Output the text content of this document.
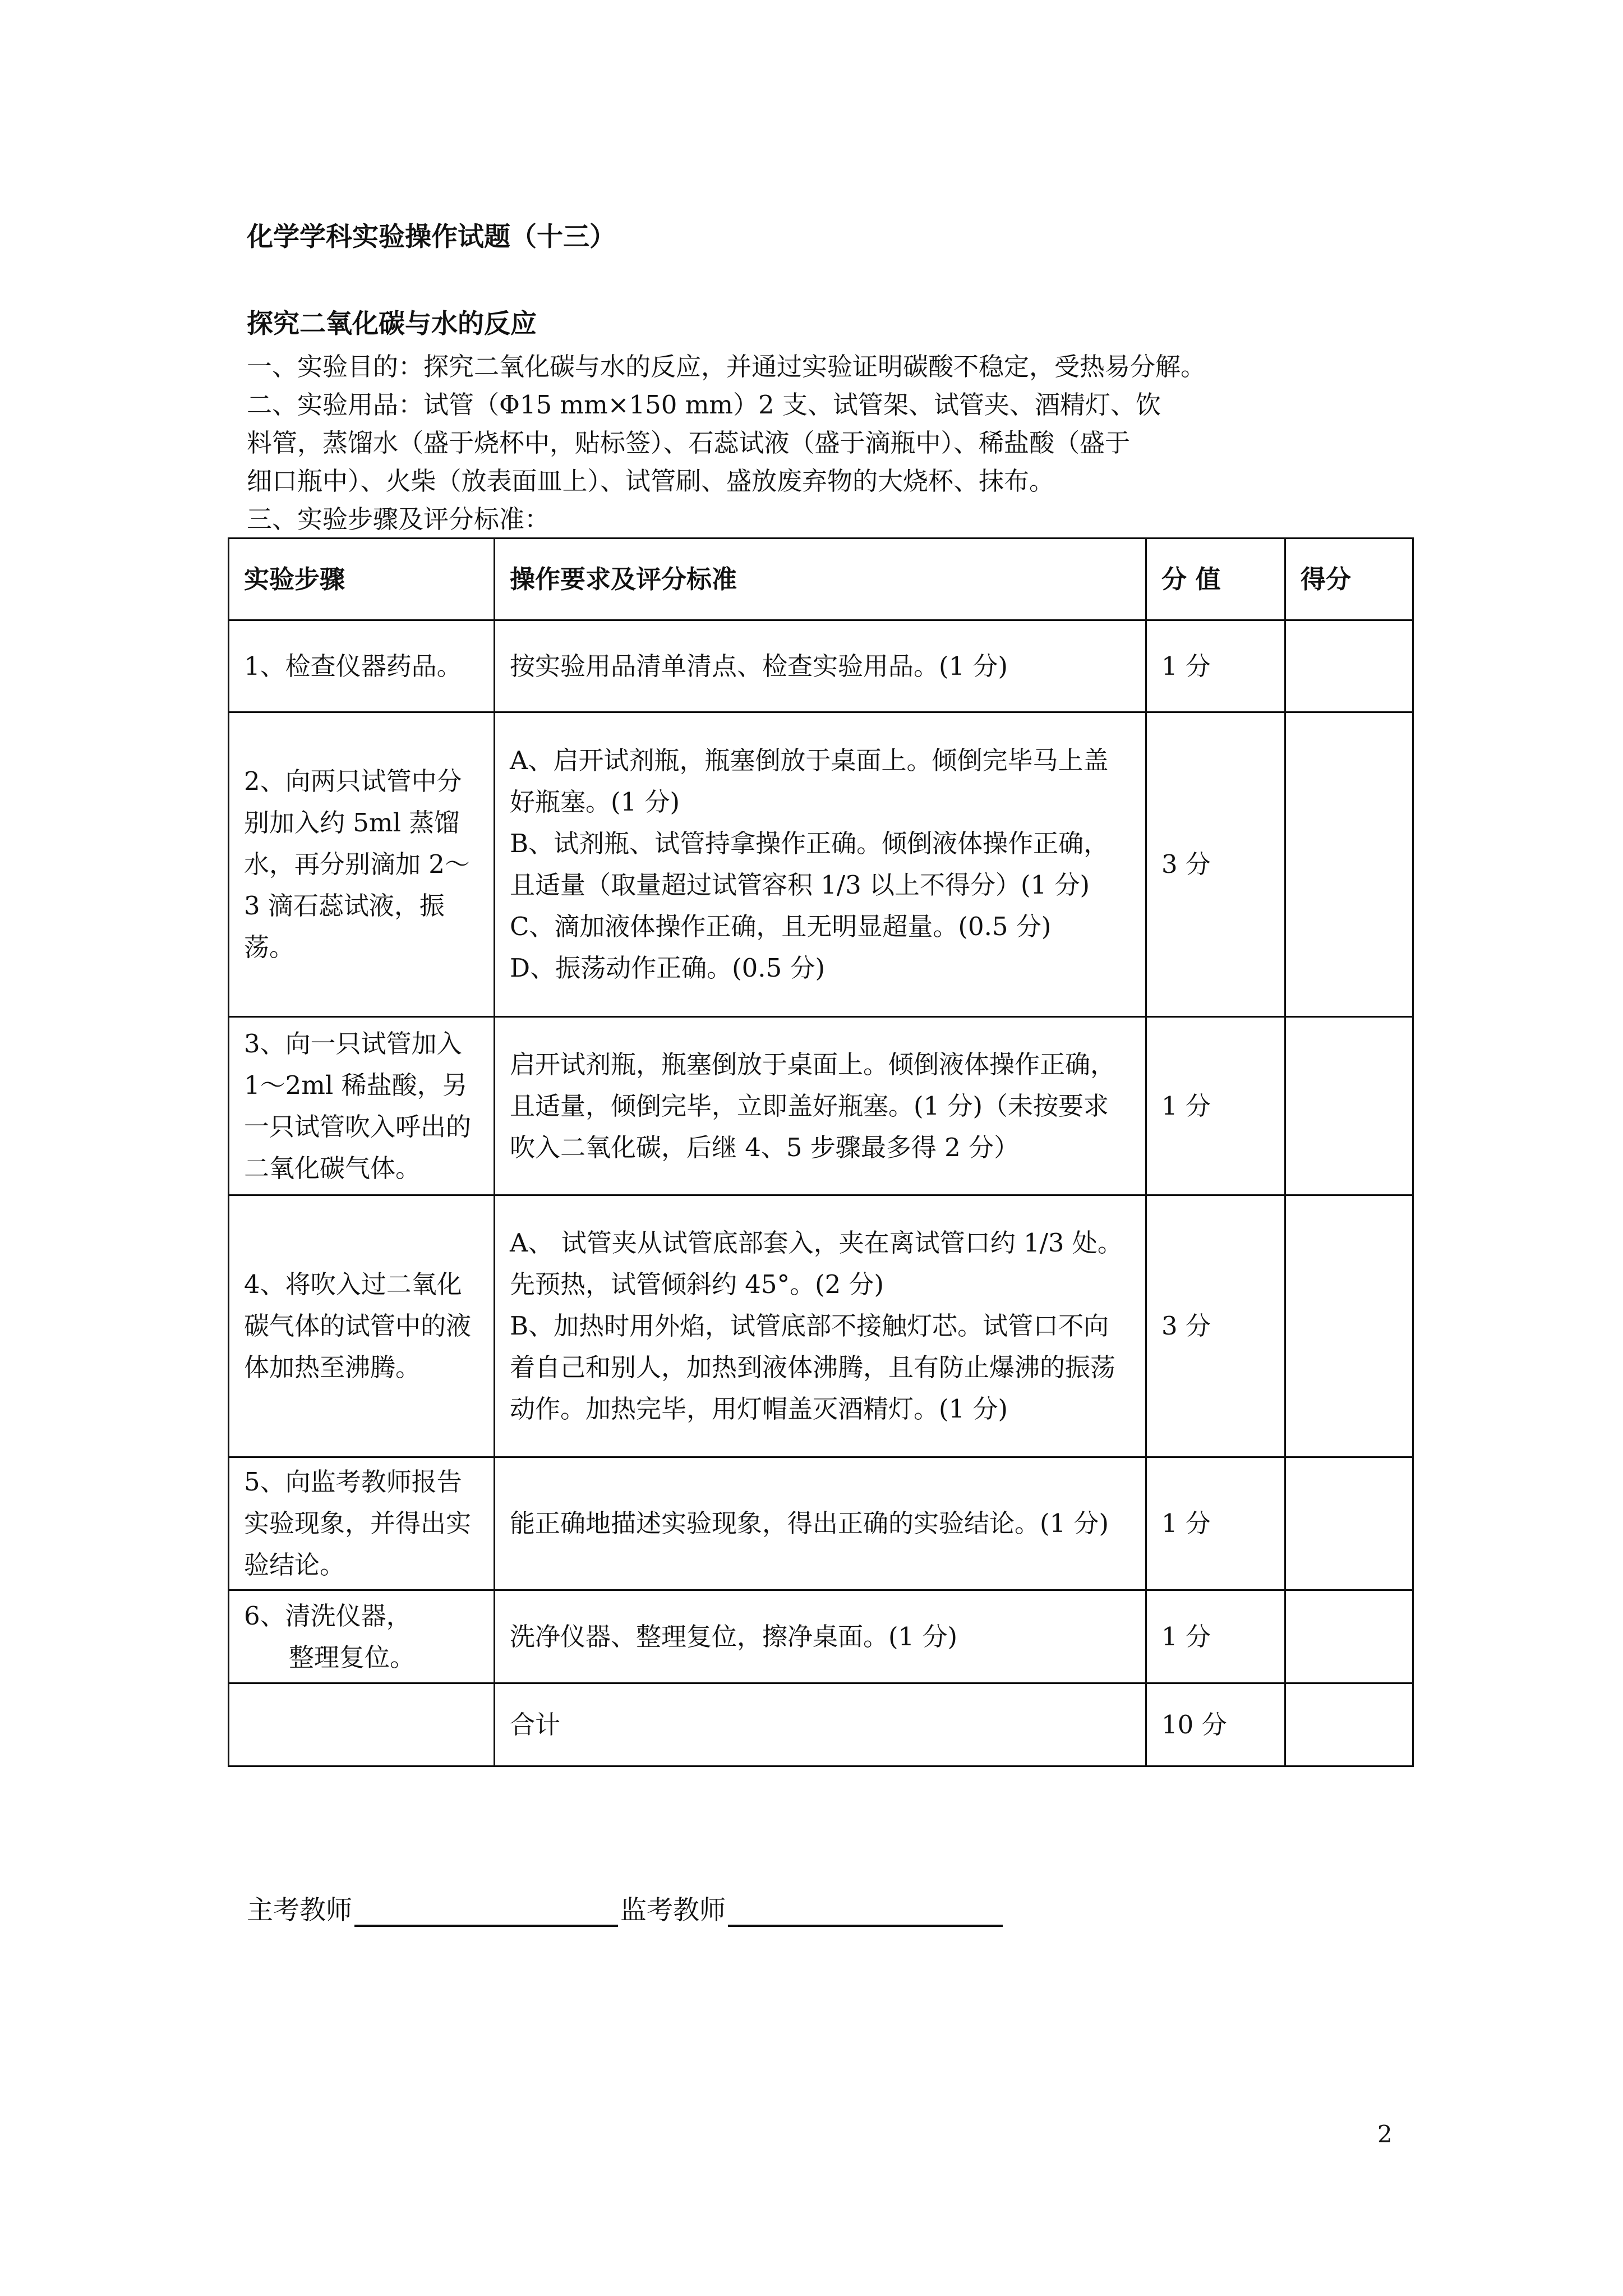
化学学科实验操作试题（十三）
探究二氧化碳与水的反应
一、实验目的：探究二氧化碳与水的反应，并通过实验证明碳酸不稳定，受热易分解。
二、实验用品：试管（Φ15 mm×150 mm）2 支、试管架、试管夹、酒精灯、饮
料管，蒸馏水（盛于烧杯中，贴标签）、石蕊试液（盛于滴瓶中）、稀盐酸（盛于
细口瓶中）、火柴（放表面皿上）、试管刷、盛放废弃物的大烧杯、抹布。
三、实验步骤及评分标准：
实验步骤	操作要求及评分标准	分 值	得分
1、检查仪器药品。	按实验用品清单清点、检查实验用品。(1 分)	1 分	
2、向两只试管中分别加入约 5ml 蒸馏水，再分别滴加 2～3 滴石蕊试液，振荡。	A、启开试剂瓶，瓶塞倒放于桌面上。倾倒完毕马上盖好瓶塞。(1 分)
B、试剂瓶、试管持拿操作正确。倾倒液体操作正确，且适量（取量超过试管容积 1/3 以上不得分）(1 分)
C、滴加液体操作正确，且无明显超量。(0.5 分)
D、振荡动作正确。(0.5 分)	3 分	
3、向一只试管加入 1～2ml 稀盐酸，另一只试管吹入呼出的二氧化碳气体。	启开试剂瓶，瓶塞倒放于桌面上。倾倒液体操作正确，且适量，倾倒完毕，立即盖好瓶塞。(1 分)（未按要求吹入二氧化碳，后继 4、5 步骤最多得 2 分）	1 分	
4、将吹入过二氧化碳气体的试管中的液体加热至沸腾。	A、 试管夹从试管底部套入，夹在离试管口约 1/3 处。先预热，试管倾斜约 45°。(2 分)
B、加热时用外焰，试管底部不接触灯芯。试管口不向着自己和别人，加热到液体沸腾，且有防止爆沸的振荡动作。加热完毕，用灯帽盖灭酒精灯。(1 分)	3 分	
5、向监考教师报告实验现象，并得出实验结论。	能正确地描述实验现象，得出正确的实验结论。(1 分)	1 分	
6、清洗仪器，
整理复位。	洗净仪器、整理复位，擦净桌面。(1 分)	1 分	

	合计	10 分	
主考教师	监考教师
2
